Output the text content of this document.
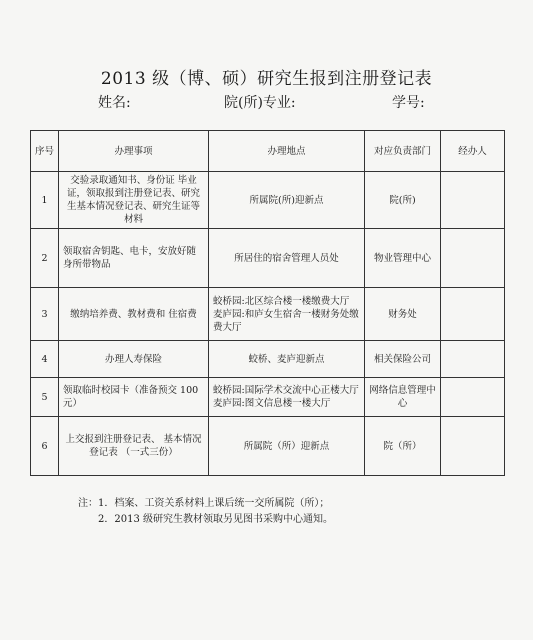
2013 级（博、硕）研究生报到注册登记表
姓名:	院(所)专业:	学号:
序号	办理事项	办理地点	对应负责部门	经办人
1	交验录取通知书、身份证 毕业证，领取报到注册登记表、研究生基本情况登记表、研究生证等材料	所属院(所)迎新点	院(所)	
2	领取宿舍钥匙、电卡，安放好随身所带物品	所居住的宿舍管理人员处	物业管理中心	
3	缴纳培养费、教材费和 住宿费	蛟桥园:北区综合楼一楼缴费大厅 麦庐园:和庐女生宿舍一楼财务处缴费大厅	财务处	
4	办理人寿保险	蛟桥、麦庐迎新点	相关保险公司	
5	领取临时校园卡（准备预交 100 元）	蛟桥园:国际学术交流中心正楼大厅 麦庐园:图文信息楼一楼大厅	网络信息管理中心	
6	上交报到注册登记表、 基本情况登记表 （一式三份）	所属院（所）迎新点	院（所）	
注：1．档案、工资关系材料上课后统一交所属院（所）；
2．2013 级研究生教材领取另见图书采购中心通知。
